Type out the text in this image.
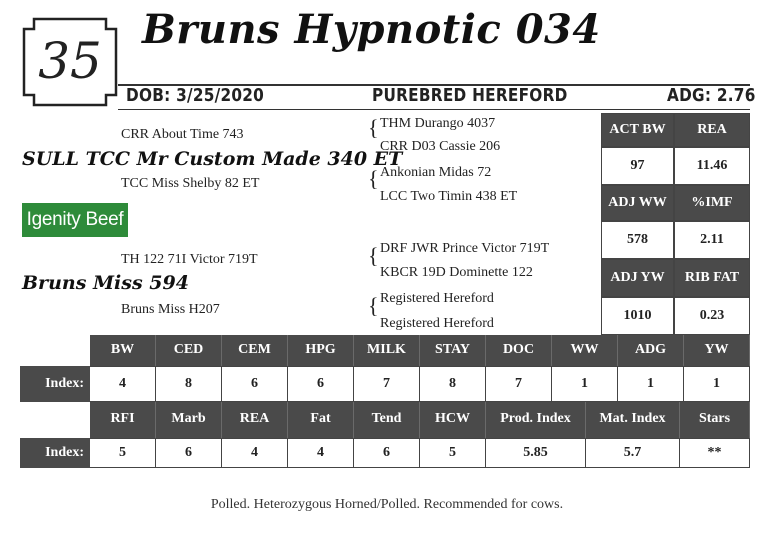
35
Bruns Hypnotic 034
DOB: 3/25/2020	PUREBRED HEREFORD	ADG: 2.76
CRR About Time 743
SULL TCC Mr Custom Made 340 ET
TCC Miss Shelby 82 ET
{ THM Durango 4037
CRR D03 Cassie 206
{ Ankonian Midas 72
LCC Two Timin 438 ET
Igenity Beef
TH 122 71I Victor 719T
Bruns Miss 594
Bruns Miss H207
{ DRF JWR Prince Victor 719T
KBCR 19D Dominette 122
{ Registered Hereford
Registered Hereford
ACT BW	REA
97	11.46
ADJ WW	%IMF
578	2.11
ADJ YW	RIB FAT
1010	0.23
BW	CED	CEM	HPG	MILK	STAY	DOC	WW	ADG	YW
Index:	4	8	6	6	7	8	7	1	1	1
RFI	Marb	REA	Fat	Tend	HCW	Prod. Index	Mat. Index	Stars
Index:	5	6	4	4	6	5	5.85	5.7	**
Polled. Heterozygous Horned/Polled. Recommended for cows.
